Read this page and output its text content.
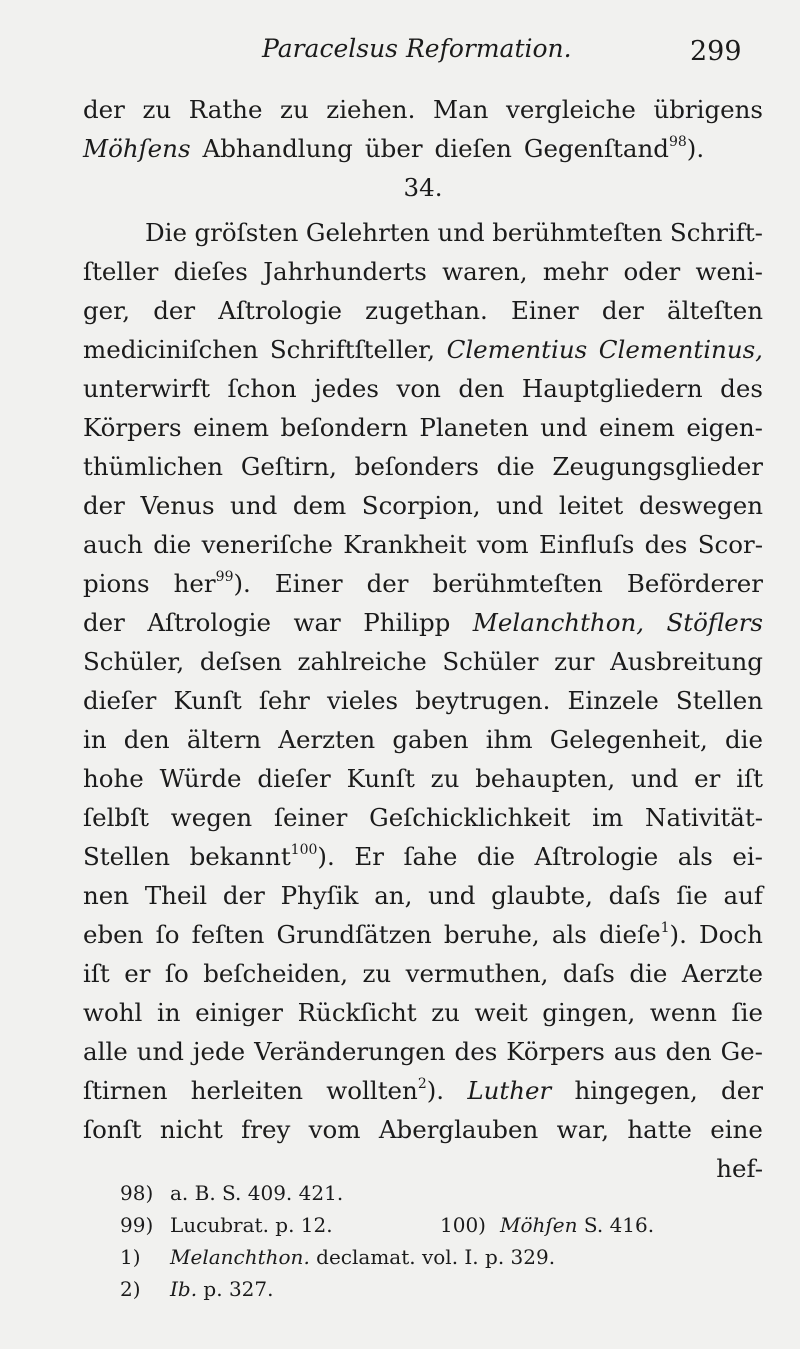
Paracelsus Reformation.	299
der zu Rathe zu ziehen. Man vergleiche übrigens
Möhſens Abhandlung über dieſen Gegenſtand$^{98}$).
34.
Die gröſsten Gelehrten und berühmteſten Schrift-
ſteller dieſes Jahrhunderts waren, mehr oder weni-
ger, der Aſtrologie zugethan. Einer der älteſten
mediciniſchen Schriftſteller, Clementius Clementinus,
unterwirft ſchon jedes von den Hauptgliedern des
Körpers einem beſondern Planeten und einem eigen-
thümlichen Geſtirn, beſonders die Zeugungsglieder
der Venus und dem Scorpion, und leitet deswegen
auch die veneriſche Krankheit vom Einfluſs des Scor-
pions her$^{99}$). Einer der berühmteſten Beförderer
der Aſtrologie war Philipp Melanchthon, Stöflers
Schüler, deſsen zahlreiche Schüler zur Ausbreitung
dieſer Kunſt ſehr vieles beytrugen. Einzele Stellen
in den ältern Aerzten gaben ihm Gelegenheit, die
hohe Würde dieſer Kunſt zu behaupten, und er iſt
ſelbſt wegen ſeiner Geſchicklichkeit im Nativität-
Stellen bekannt$^{100}$). Er ſahe die Aſtrologie als ei-
nen Theil der Phyſik an, und glaubte, daſs ſie auf
eben ſo feſten Grundſätzen beruhe, als dieſe$^1$). Doch
iſt er ſo beſcheiden, zu vermuthen, daſs die Aerzte
wohl in einiger Rückſicht zu weit gingen, wenn ſie
alle und jede Veränderungen des Körpers aus den Ge-
ſtirnen herleiten wollten$^2$). Luther hingegen, der
ſonſt nicht frey vom Aberglauben war, hatte eine
hef-
98) a. B. S. 409. 421.
99) Lucubrat. p. 12.	100) Möhſen S. 416.
1)	Melanchthon. declamat. vol. I. p. 329.
2)	Ib. p. 327.
